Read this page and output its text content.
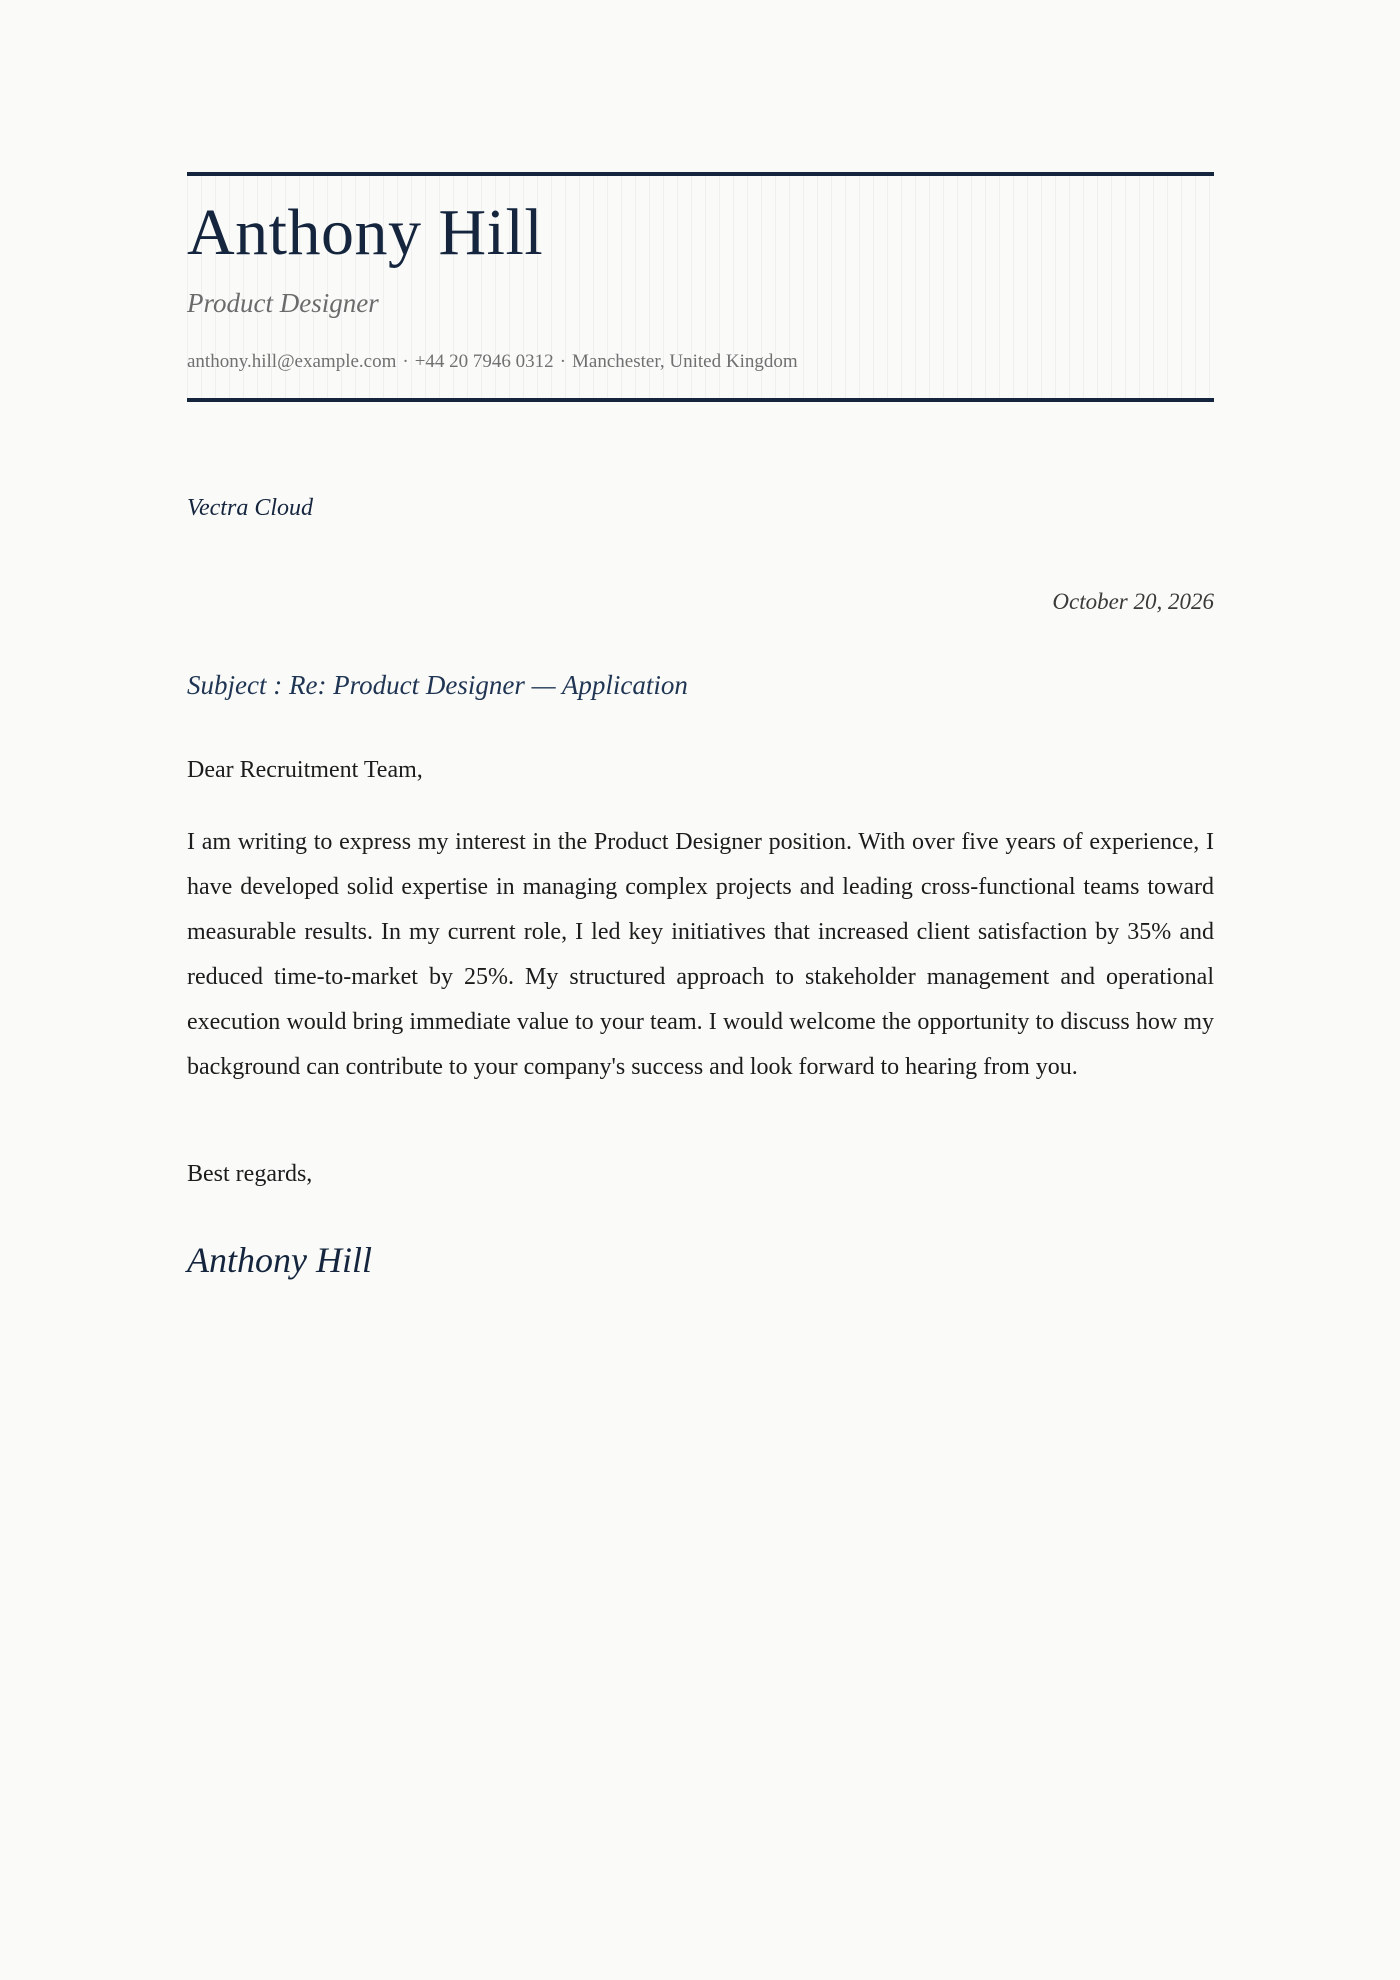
Anthony Hill
Product Designer
anthony.hill@example.com · +44 20 7946 0312 · Manchester, United Kingdom
Vectra Cloud
October 20, 2026
Subject : Re: Product Designer — Application
Dear Recruitment Team,

I am writing to express my interest in the Product Designer position. With over five years of experience, I have developed solid expertise in managing complex projects and leading cross-functional teams toward measurable results. In my current role, I led key initiatives that increased client satisfaction by 35% and reduced time-to-market by 25%. My structured approach to stakeholder management and operational execution would bring immediate value to your team. I would welcome the opportunity to discuss how my background can contribute to your company's success and look forward to hearing from you.

Best regards,
Anthony Hill
